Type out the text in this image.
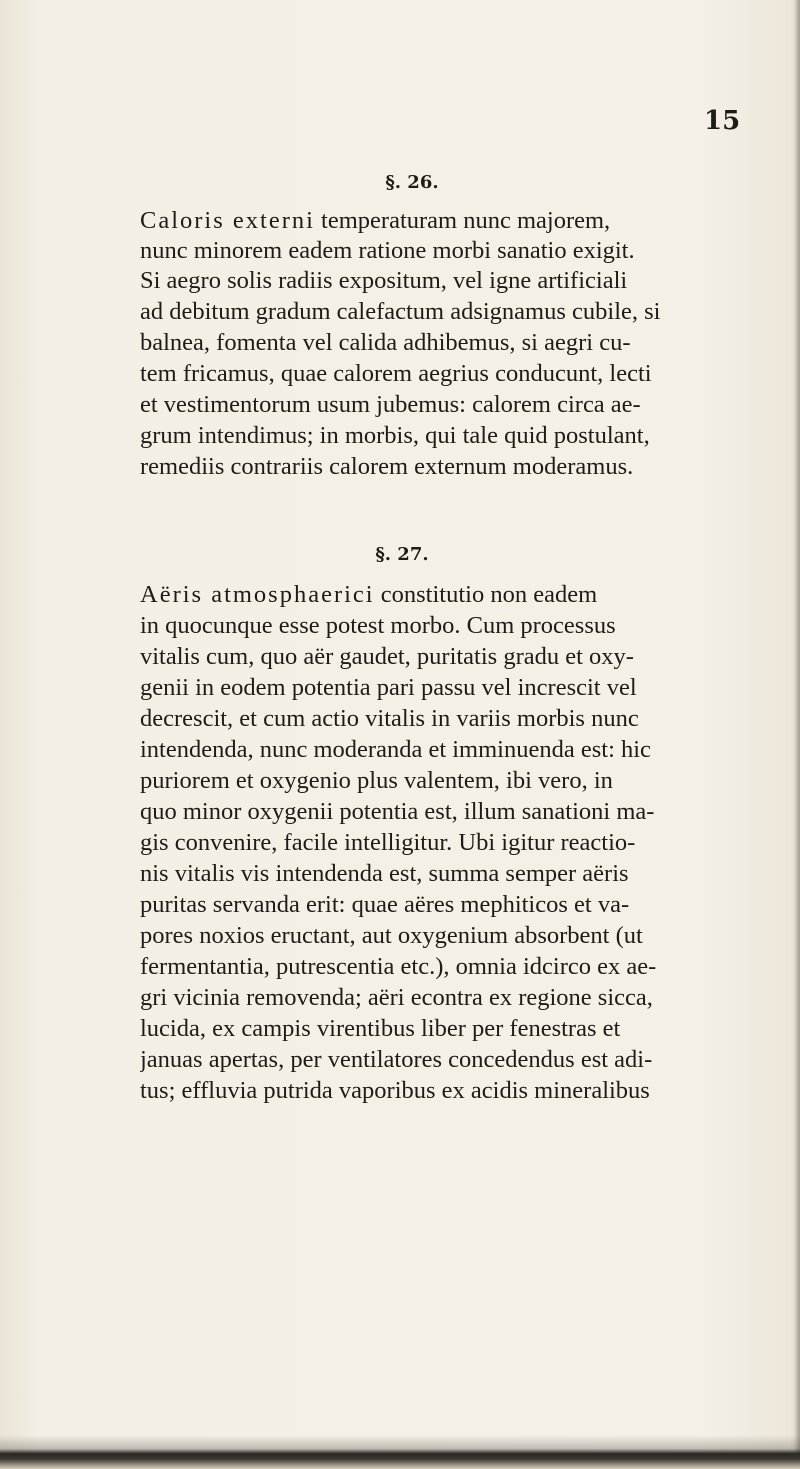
15
§. 26.
Caloris externi temperaturam nunc majorem,
nunc minorem eadem ratione morbi sanatio exigit.
Si aegro solis radiis expositum, vel igne artificiali
ad debitum gradum calefactum adsignamus cubile, si
balnea, fomenta vel calida adhibemus, si aegri cu-
tem fricamus, quae calorem aegrius conducunt, lecti
et vestimentorum usum jubemus: calorem circa ae-
grum intendimus; in morbis, qui tale quid postulant,
remediis contrariis calorem externum moderamus.
§. 27.
Aëris atmosphaerici constitutio non eadem
in quocunque esse potest morbo. Cum processus
vitalis cum, quo aër gaudet, puritatis gradu et oxy-
genii in eodem potentia pari passu vel increscit vel
decrescit, et cum actio vitalis in variis morbis nunc
intendenda, nunc moderanda et imminuenda est: hic
puriorem et oxygenio plus valentem, ibi vero, in
quo minor oxygenii potentia est, illum sanationi ma-
gis convenire, facile intelligitur. Ubi igitur reactio-
nis vitalis vis intendenda est, summa semper aëris
puritas servanda erit: quae aëres mephiticos et va-
pores noxios eructant, aut oxygenium absorbent (ut
fermentantia, putrescentia etc.), omnia idcirco ex ae-
gri vicinia removenda; aëri econtra ex regione sicca,
lucida, ex campis virentibus liber per fenestras et
januas apertas, per ventilatores concedendus est adi-
tus; effluvia putrida vaporibus ex acidis mineralibus
